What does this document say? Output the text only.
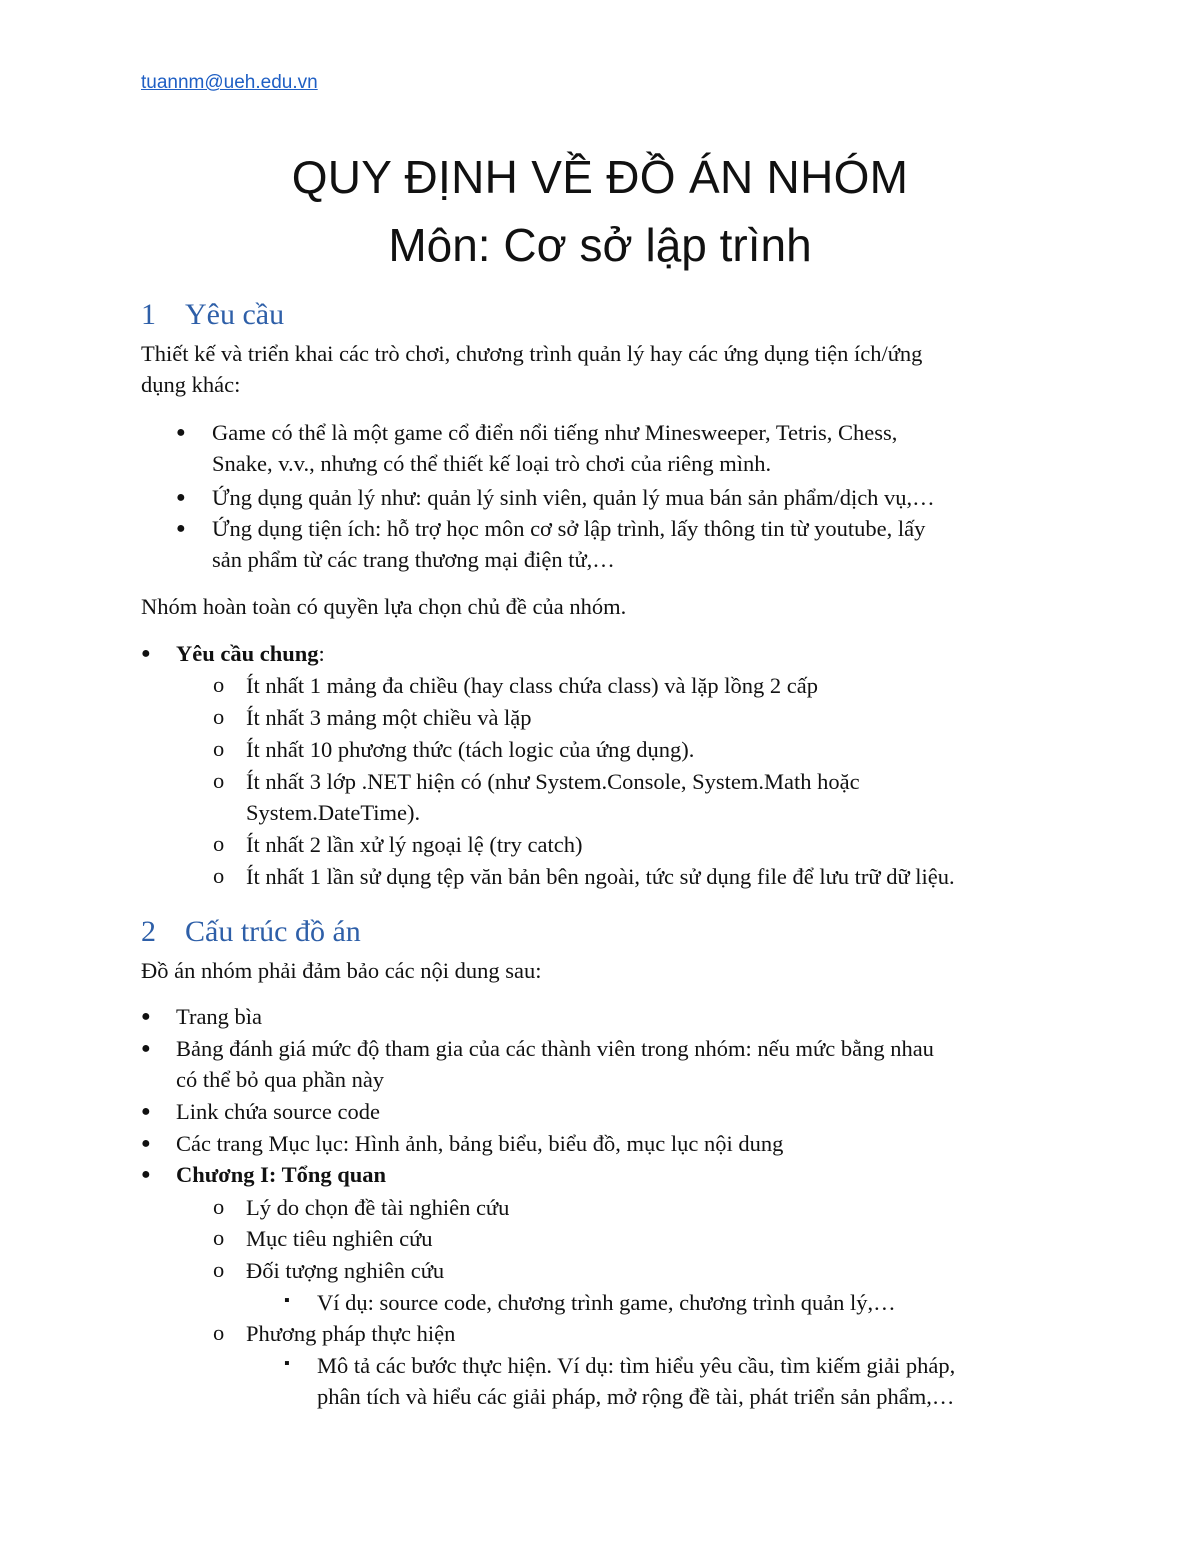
tuannm@ueh.edu.vn
QUY ĐỊNH VỀ ĐỒ ÁN NHÓM
Môn: Cơ sở lập trình
1 Yêu cầu
Thiết kế và triển khai các trò chơi, chương trình quản lý hay các ứng dụng tiện ích/ứng
dụng khác:
● Game có thể là một game cổ điển nổi tiếng như Minesweeper, Tetris, Chess,
Snake, v.v., nhưng có thể thiết kế loại trò chơi của riêng mình.
● Ứng dụng quản lý như: quản lý sinh viên, quản lý mua bán sản phẩm/dịch vụ,…
● Ứng dụng tiện ích: hỗ trợ học môn cơ sở lập trình, lấy thông tin từ youtube, lấy
sản phẩm từ các trang thương mại điện tử,…
Nhóm hoàn toàn có quyền lựa chọn chủ đề của nhóm.
● Yêu cầu chung:
o Ít nhất 1 mảng đa chiều (hay class chứa class) và lặp lồng 2 cấp
o Ít nhất 3 mảng một chiều và lặp
o Ít nhất 10 phương thức (tách logic của ứng dụng).
o Ít nhất 3 lớp .NET hiện có (như System.Console, System.Math hoặc
System.DateTime).
o Ít nhất 2 lần xử lý ngoại lệ (try catch)
o Ít nhất 1 lần sử dụng tệp văn bản bên ngoài, tức sử dụng file để lưu trữ dữ liệu.
2 Cấu trúc đồ án
Đồ án nhóm phải đảm bảo các nội dung sau:
● Trang bìa
● Bảng đánh giá mức độ tham gia của các thành viên trong nhóm: nếu mức bằng nhau
có thể bỏ qua phần này
● Link chứa source code
● Các trang Mục lục: Hình ảnh, bảng biểu, biểu đồ, mục lục nội dung
● Chương I: Tổng quan
o Lý do chọn đề tài nghiên cứu
o Mục tiêu nghiên cứu
o Đối tượng nghiên cứu
▪ Ví dụ: source code, chương trình game, chương trình quản lý,…
o Phương pháp thực hiện
▪ Mô tả các bước thực hiện. Ví dụ: tìm hiểu yêu cầu, tìm kiếm giải pháp,
phân tích và hiểu các giải pháp, mở rộng đề tài, phát triển sản phẩm,…
